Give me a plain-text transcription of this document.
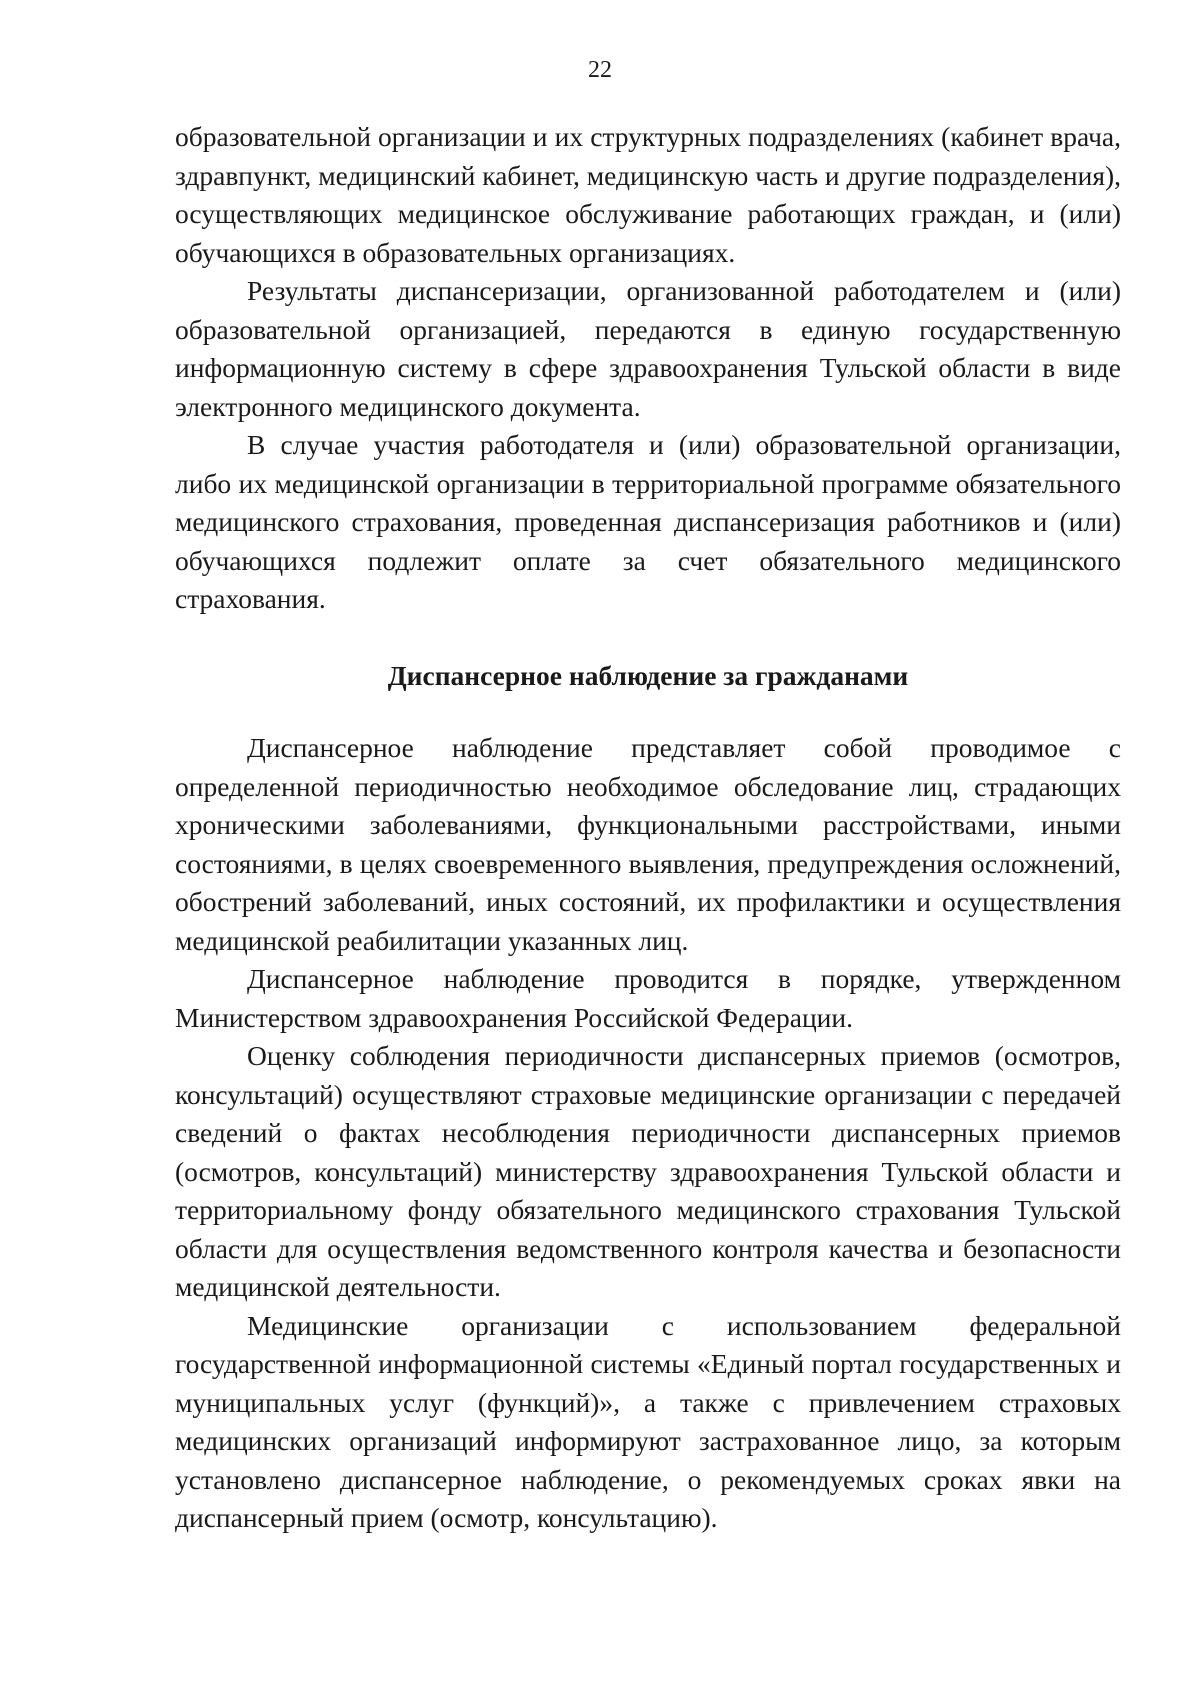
22

образовательной организации и их структурных подразделениях (кабинет врача, здравпункт, медицинский кабинет, медицинскую часть и другие подразделения), осуществляющих медицинское обслуживание работающих граждан, и (или) обучающихся в образовательных организациях.

Результаты диспансеризации, организованной работодателем и (или) образовательной организацией, передаются в единую государственную информационную систему в сфере здравоохранения Тульской области в виде электронного медицинского документа.

В случае участия работодателя и (или) образовательной организации, либо их медицинской организации в территориальной программе обязательного медицинского страхования, проведенная диспансеризация работников и (или) обучающихся подлежит оплате за счет обязательного медицинского страхования.

Диспансерное наблюдение за гражданами

Диспансерное наблюдение представляет собой проводимое с определенной периодичностью необходимое обследование лиц, страдающих хроническими заболеваниями, функциональными расстройствами, иными состояниями, в целях своевременного выявления, предупреждения осложнений, обострений заболеваний, иных состояний, их профилактики и осуществления медицинской реабилитации указанных лиц.

Диспансерное наблюдение проводится в порядке, утвержденном Министерством здравоохранения Российской Федерации.

Оценку соблюдения периодичности диспансерных приемов (осмотров, консультаций) осуществляют страховые медицинские организации с передачей сведений о фактах несоблюдения периодичности диспансерных приемов (осмотров, консультаций) министерству здравоохранения Тульской области и территориальному фонду обязательного медицинского страхования Тульской области для осуществления ведомственного контроля качества и безопасности медицинской деятельности.

Медицинские организации с использованием федеральной государственной информационной системы «Единый портал государственных и муниципальных услуг (функций)», а также с привлечением страховых медицинских организаций информируют застрахованное лицо, за которым установлено диспансерное наблюдение, о рекомендуемых сроках явки на диспансерный прием (осмотр, консультацию).
